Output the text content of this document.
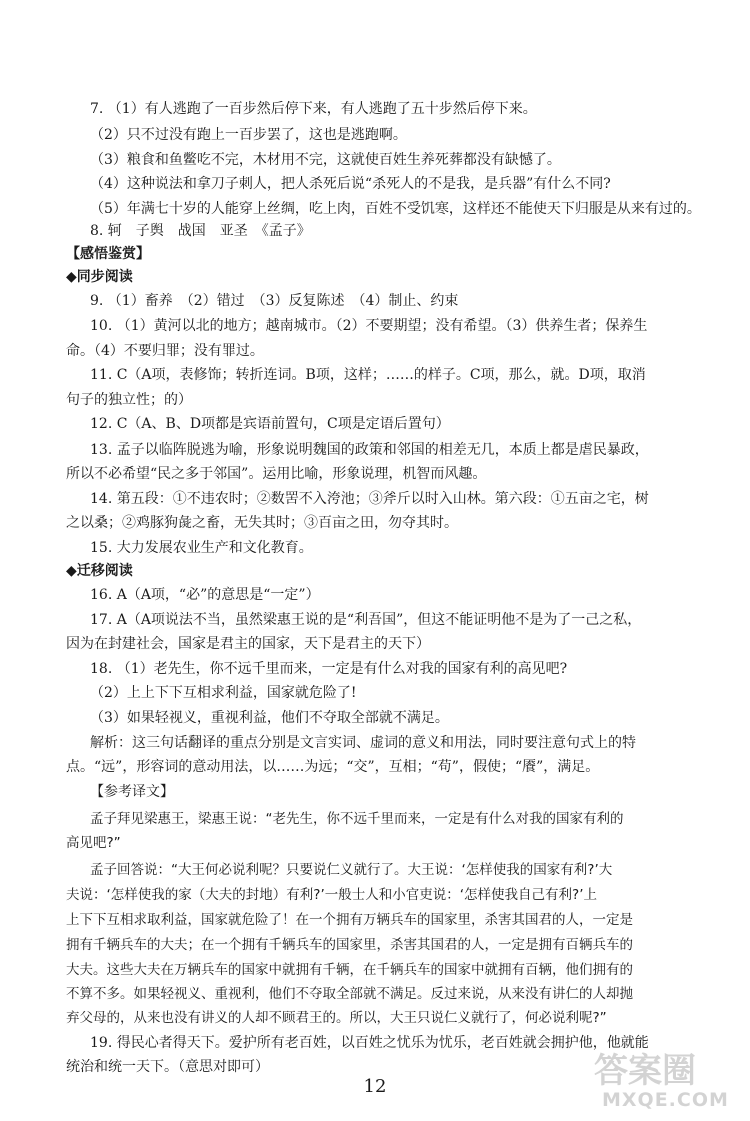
7. （1）有人逃跑了一百步然后停下来，有人逃跑了五十步然后停下来。
（2）只不过没有跑上一百步罢了，这也是逃跑啊。
（3）粮食和鱼鳖吃不完，木材用不完，这就使百姓生养死葬都没有缺憾了。
（4）这种说法和拿刀子刺人，把人杀死后说“杀死人的不是我，是兵器”有什么不同?
（5）年满七十岁的人能穿上丝绸，吃上肉，百姓不受饥寒，这样还不能使天下归服是从来有过的。
8. 轲　子舆　战国　亚圣　《孟子》
【感悟鉴赏】
◆同步阅读
9. （1）畜养　（2）错过　（3）反复陈述　（4）制止、约束
10. （1）黄河以北的地方；越南城市。（2）不要期望；没有希望。（3）供养生者；保养生
命。（4）不要归罪；没有罪过。
11. C（A项，表修饰；转折连词。B项，这样；……的样子。C项，那么，就。D项，取消
句子的独立性；的）
12. C（A、B、D项都是宾语前置句，C项是定语后置句）
13. 孟子以临阵脱逃为喻，形象说明魏国的政策和邻国的相差无几，本质上都是虐民暴政，
所以不必希望“民之多于邻国”。运用比喻，形象说理，机智而风趣。
14. 第五段：①不违农时；②数罟不入洿池；③斧斤以时入山林。第六段：①五亩之宅，树
之以桑；②鸡豚狗彘之畜，无失其时；③百亩之田，勿夺其时。
15. 大力发展农业生产和文化教育。
◆迁移阅读
16. A（A项，“必”的意思是“一定”）
17. A（A项说法不当，虽然梁惠王说的是“利吾国”，但这不能证明他不是为了一己之私，
因为在封建社会，国家是君主的国家，天下是君主的天下）
18. （1）老先生，你不远千里而来，一定是有什么对我的国家有利的高见吧?
（2）上上下下互相求利益，国家就危险了!
（3）如果轻视义，重视利益，他们不夺取全部就不满足。
解析：这三句话翻译的重点分别是文言实词、虚词的意义和用法，同时要注意句式上的特
点。“远”，形容词的意动用法，以……为远；“交”，互相；“苟”，假使；“餍”，满足。
【参考译文】
孟子拜见梁惠王，梁惠王说：“老先生，你不远千里而来，一定是有什么对我的国家有利的
高见吧?”
孟子回答说：“大王何必说利呢？只要说仁义就行了。大王说：‘怎样使我的国家有利?’大
夫说：‘怎样使我的家（大夫的封地）有利?’一般士人和小官吏说：‘怎样使我自己有利?’上
上下下互相求取利益，国家就危险了！在一个拥有万辆兵车的国家里，杀害其国君的人，一定是
拥有千辆兵车的大夫；在一个拥有千辆兵车的国家里，杀害其国君的人，一定是拥有百辆兵车的
大夫。这些大夫在万辆兵车的国家中就拥有千辆，在千辆兵车的国家中就拥有百辆，他们拥有的
不算不多。如果轻视义、重视利，他们不夺取全部就不满足。反过来说，从来没有讲仁的人却抛
弃父母的，从来也没有讲义的人却不顾君王的。所以，大王只说仁义就行了，何必说利呢?”
19. 得民心者得天下。爱护所有老百姓，以百姓之忧乐为忧乐，老百姓就会拥护他，他就能
统治和统一天下。（意思对即可）
12	答案圈
MXQE.COM
